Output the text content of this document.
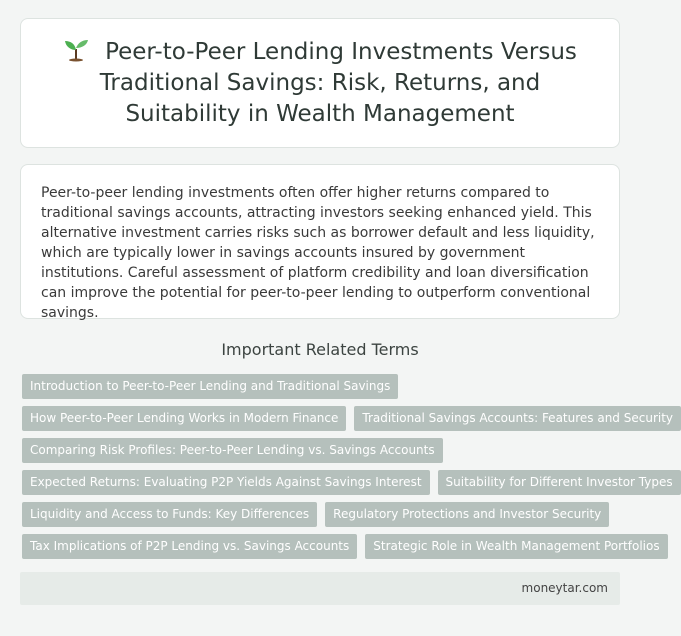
Peer-to-Peer Lending Investments Versus Traditional Savings: Risk, Returns, and Suitability in Wealth Management

Peer-to-peer lending investments often offer higher returns compared to traditional savings accounts, attracting investors seeking enhanced yield. This alternative investment carries risks such as borrower default and less liquidity, which are typically lower in savings accounts insured by government institutions. Careful assessment of platform credibility and loan diversification can improve the potential for peer-to-peer lending to outperform conventional savings.

Important Related Terms
Introduction to Peer-to-Peer Lending and Traditional Savings
How Peer-to-Peer Lending Works in Modern Finance	Traditional Savings Accounts: Features and Security
Comparing Risk Profiles: Peer-to-Peer Lending vs. Savings Accounts
Expected Returns: Evaluating P2P Yields Against Savings Interest	Suitability for Different Investor Types
Liquidity and Access to Funds: Key Differences	Regulatory Protections and Investor Security
Tax Implications of P2P Lending vs. Savings Accounts	Strategic Role in Wealth Management Portfolios
moneytar.com
